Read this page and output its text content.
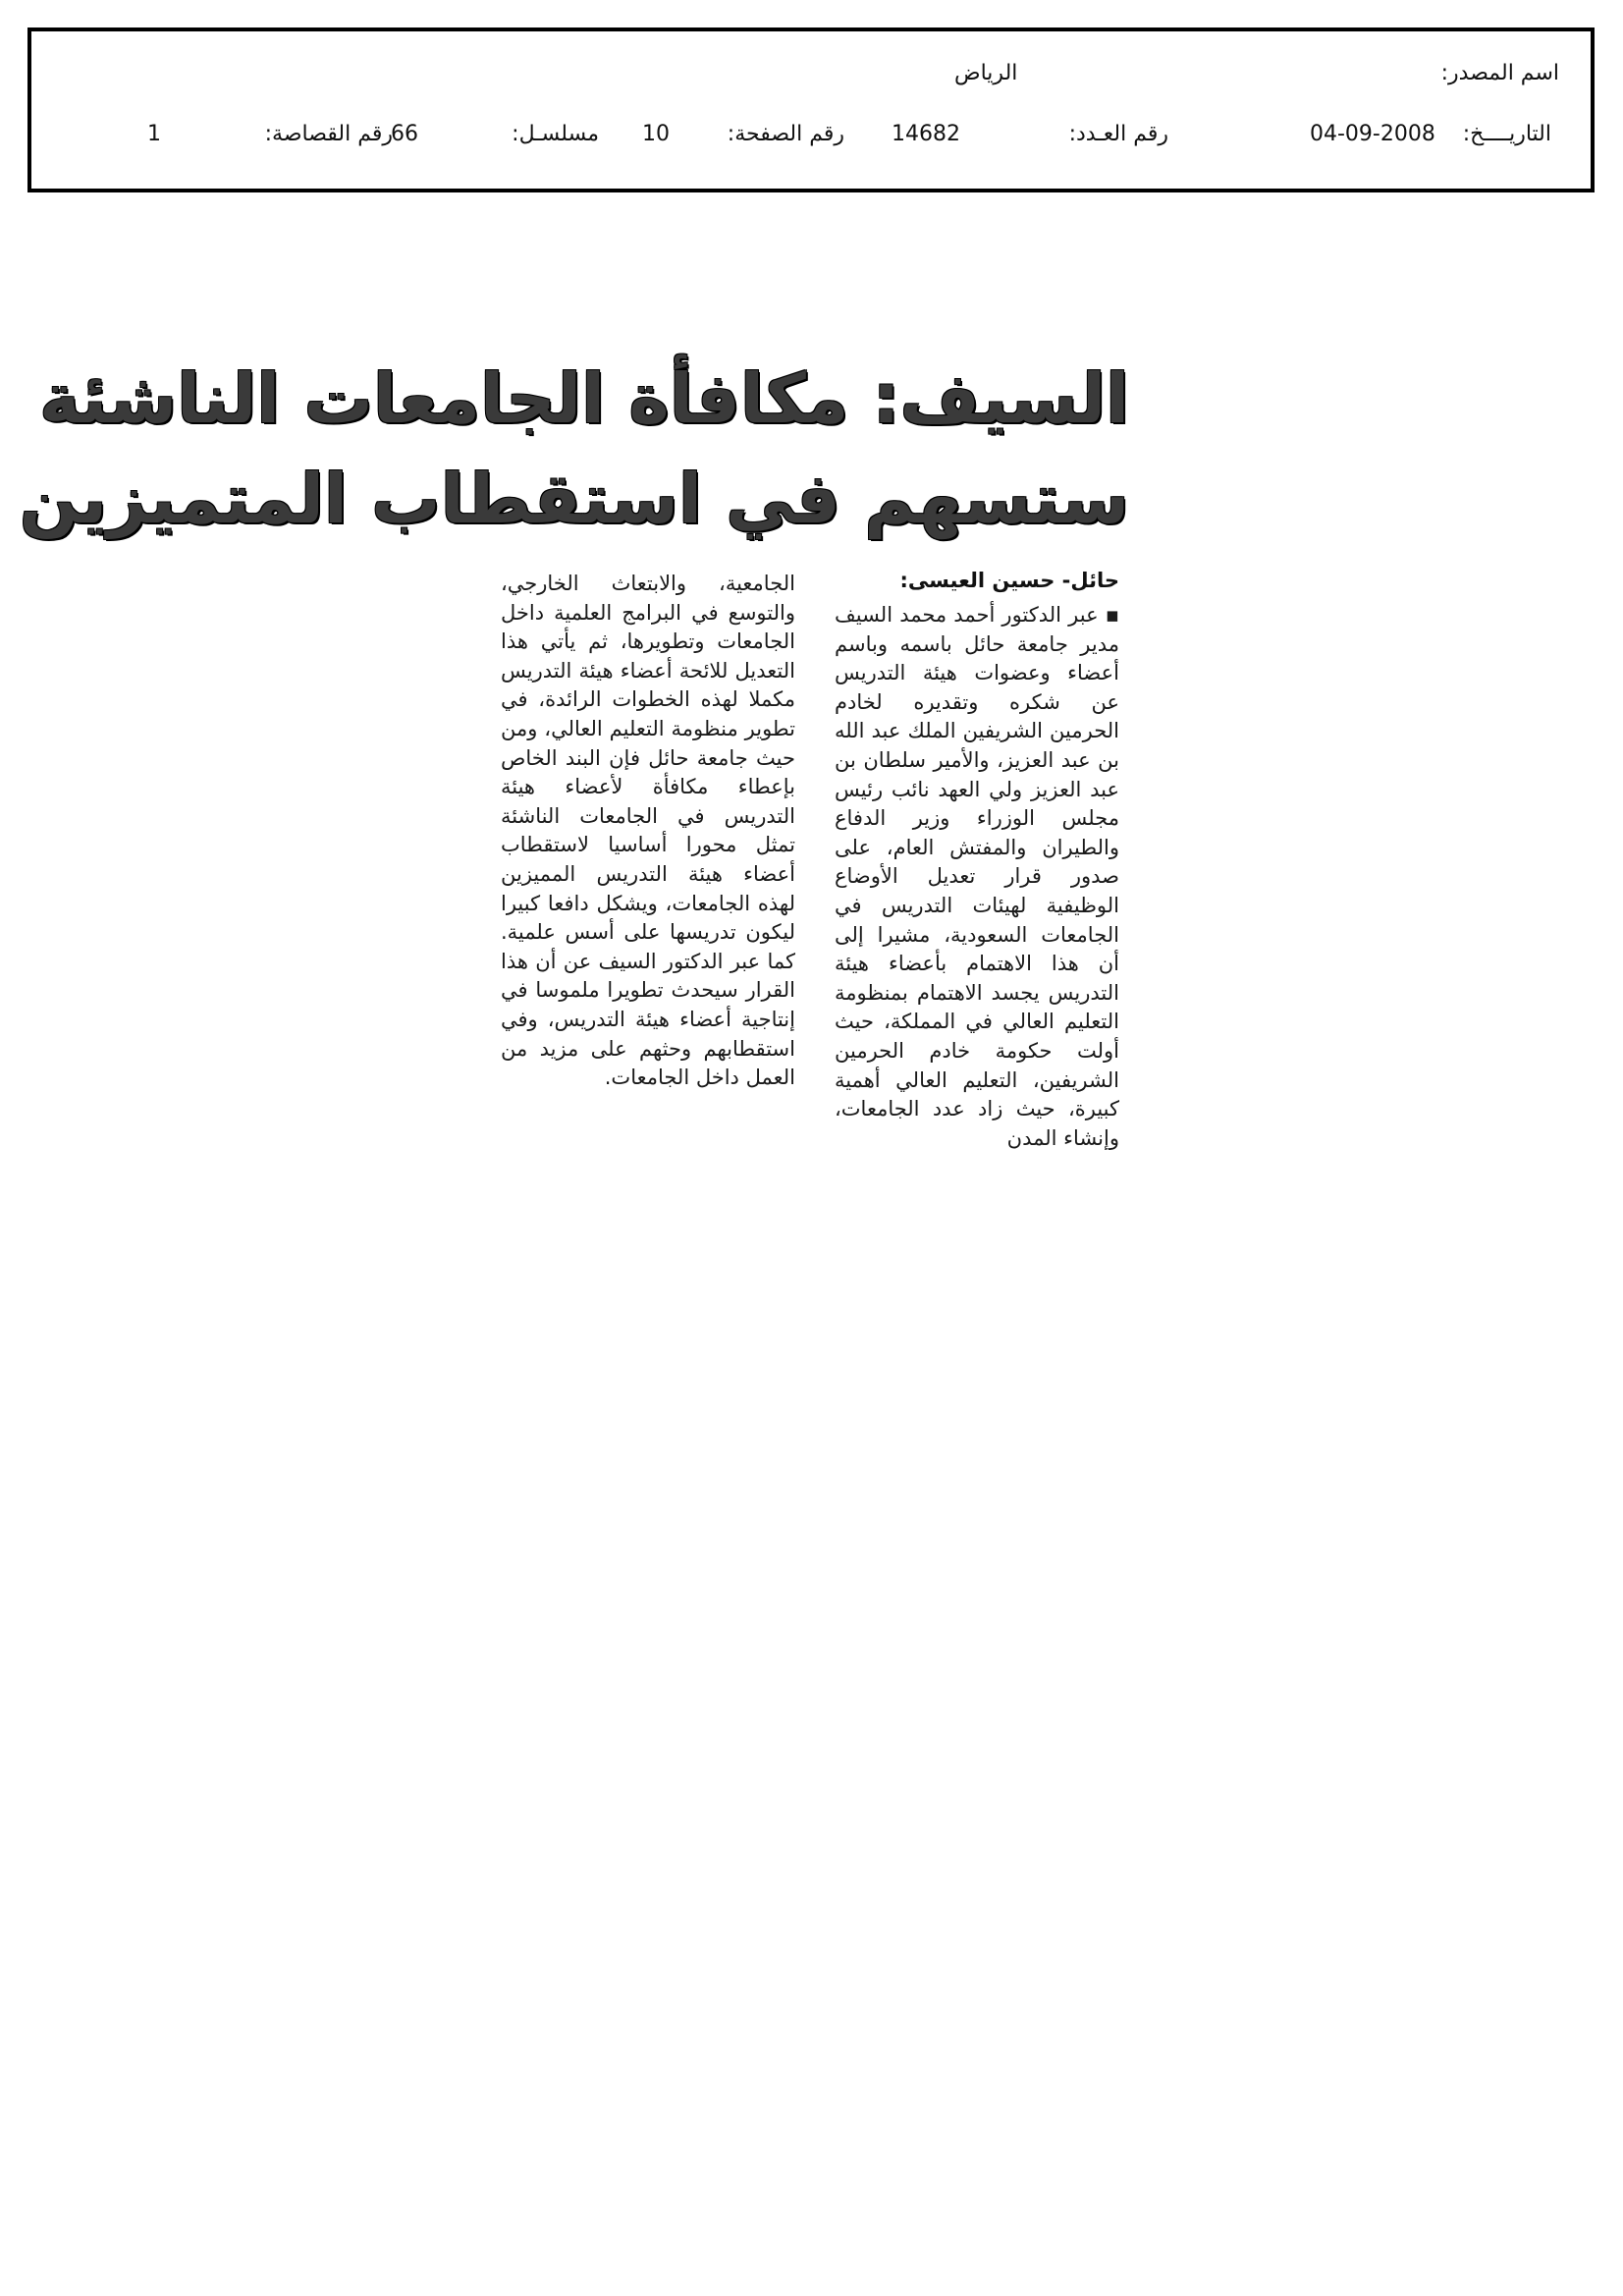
اسم المصدر:
الرياض
التاريــــخ:
04-09-2008
رقم العـدد:
14682
رقم الصفحة:
10
مسلسـل:
66
رقم القصاصة:
1
السيف: مكافأة الجامعات الناشئة
ستسهم في استقطاب المتميزين
حائل- حسين العيسى:

▪ عبر الدكتور أحمد محمد السيف مدير جامعة حائل باسمه وباسم أعضاء وعضوات هيئة التدريس عن شكره وتقديره لخادم الحرمين الشريفين الملك عبد الله بن عبد العزيز، والأمير سلطان بن عبد العزيز ولي العهد نائب رئيس مجلس الوزراء وزير الدفاع والطيران والمفتش العام، على صدور قرار تعديل الأوضاع الوظيفية لهيئات التدريس في الجامعات السعودية، مشيرا إلى أن هذا الاهتمام بأعضاء هيئة التدريس يجسد الاهتمام بمنظومة التعليم العالي في المملكة، حيث أولت حكومة خادم الحرمين الشريفين، التعليم العالي أهمية كبيرة، حيث زاد عدد الجامعات، وإنشاء المدن

الجامعية، والابتعاث الخارجي، والتوسع في البرامج العلمية داخل الجامعات وتطويرها، ثم يأتي هذا التعديل للائحة أعضاء هيئة التدريس مكملا لهذه الخطوات الرائدة، في تطوير منظومة التعليم العالي، ومن حيث جامعة حائل فإن البند الخاص بإعطاء مكافأة لأعضاء هيئة التدريس في الجامعات الناشئة تمثل محورا أساسيا لاستقطاب أعضاء هيئة التدريس المميزين لهذه الجامعات، ويشكل دافعا كبيرا ليكون تدريسها على أسس علمية. كما عبر الدكتور السيف عن أن هذا القرار سيحدث تطويرا ملموسا في إنتاجية أعضاء هيئة التدريس، وفي استقطابهم وحثهم على مزيد من العمل داخل الجامعات.
